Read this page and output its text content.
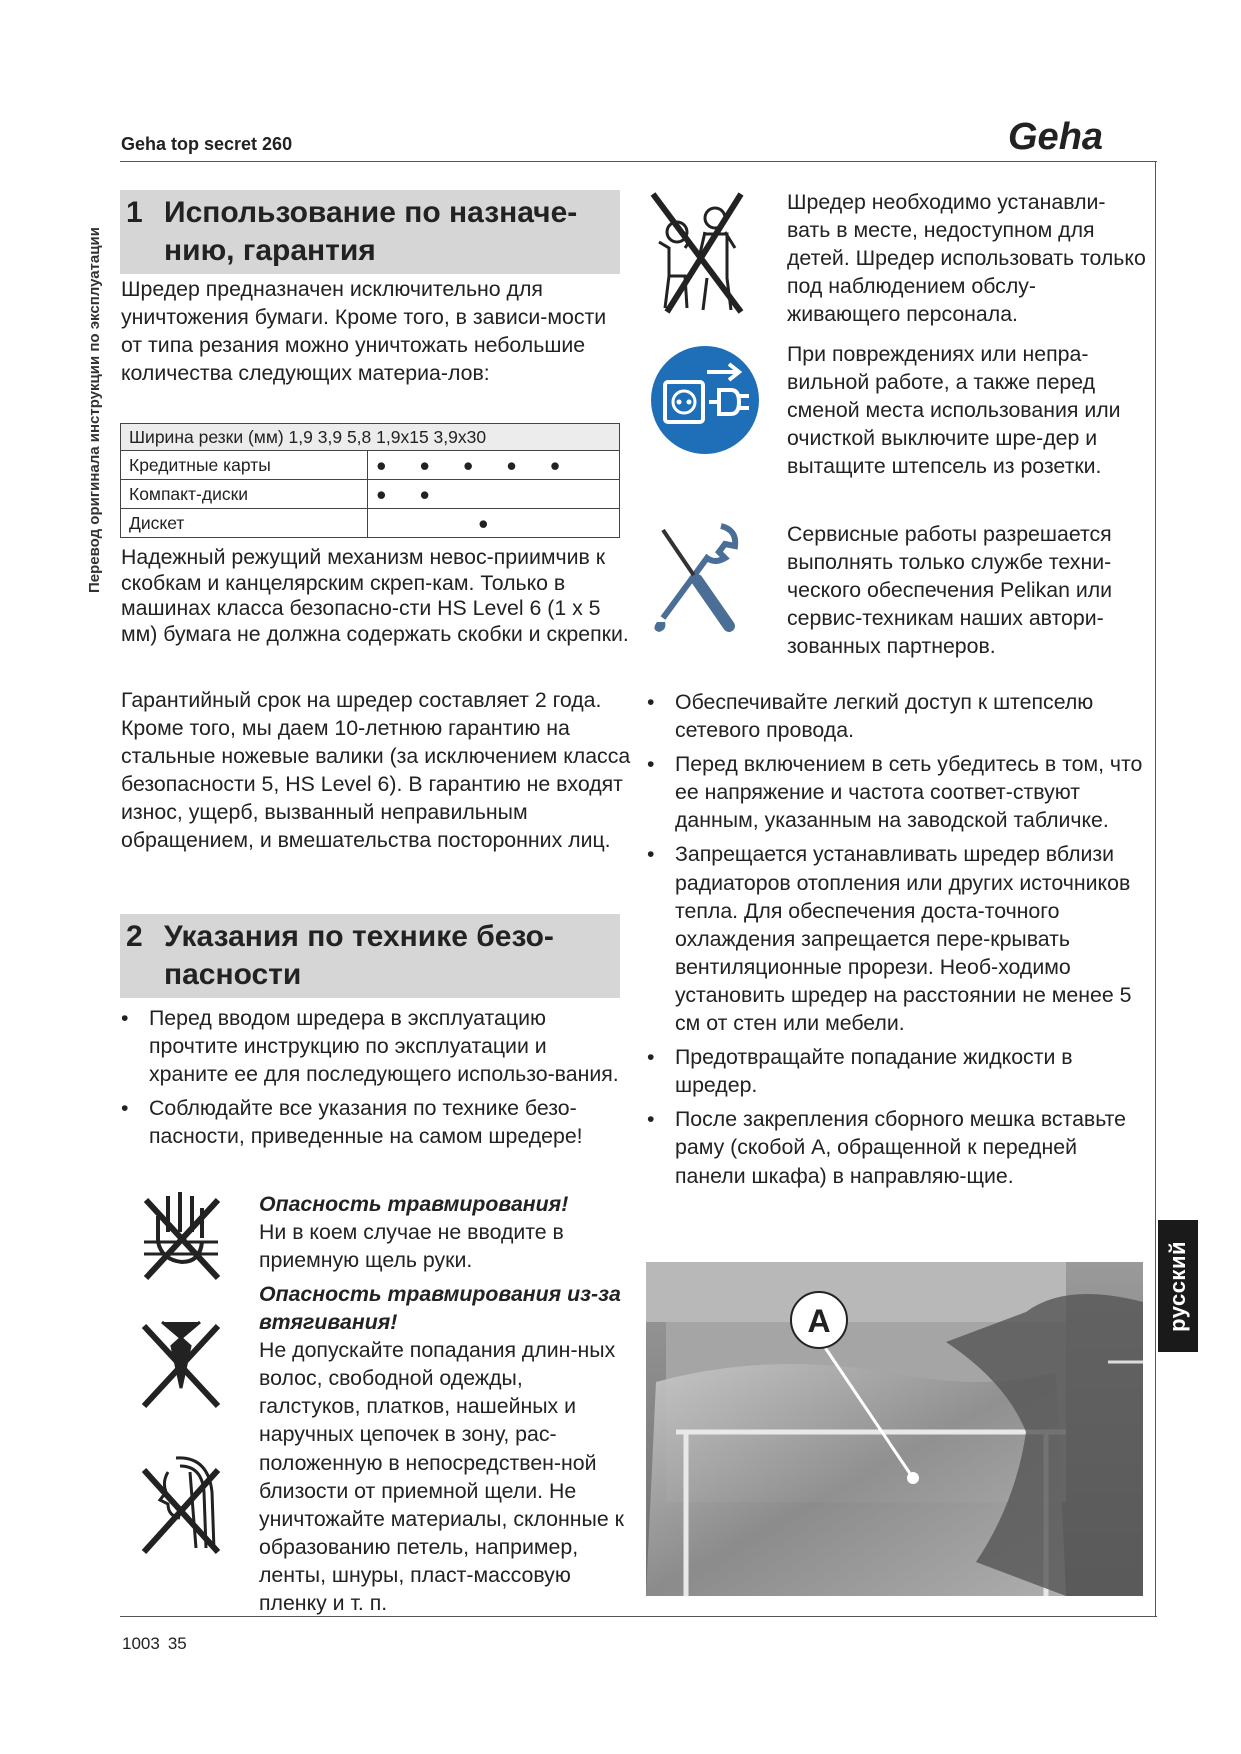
Geha top secret 260	Geha
Перевод оригинала инструкции по эксплуатации
русский
1003 35
1 Использование по назначе-
нию, гарантия

Шредер предназначен исключительно для уничтожения бумаги. Кроме того, в зависи-мости от типа резания можно уничтожать небольшие количества следующих материа-лов:

Ширина резки (мм) 1,9 3,9 5,8 1,9x15 3,9x30	
Кредитные карты	● ● ● ● ●
Компакт-диски	● ●
Дискет	●

Надежный режущий механизм невос-приимчив к скобкам и канцелярским скреп-кам. Только в машинах класса безопасно-сти HS Level 6 (1 x 5 мм) бумага не должна содержать скобки и скрепки.

Гарантийный срок на шредер составляет 2 года. Кроме того, мы даем 10-летнюю гарантию на стальные ножевые валики (за исключением класса безопасности 5, HS Level 6). В гарантию не входят износ, ущерб, вызванный неправильным обращением, и вмешательства посторонних лиц.

2 Указания по технике безо-
пасности
• Перед вводом шредера в эксплуатацию прочтите инструкцию по эксплуатации и храните ее для последующего использо-вания.
• Соблюдайте все указания по технике безо-пасности, приведенные на самом шредере!

Опасность травмирования!

Ни в коем случае не вводите в приемную щель руки.

Опасность травмирования из-за втягивания!

Не допускайте попадания длин-ных волос, свободной одежды, галстуков, платков, нашейных и наручных цепочек в зону, рас-положенную в непосредствен-ной близости от приемной щели. Не уничтожайте материалы, склонные к образованию петель, например, ленты, шнуры, пласт-массовую пленку и т. п.

Шредер необходимо устанавли-вать в месте, недоступном для детей. Шредер использовать только под наблюдением обслу-живающего персонала.

При повреждениях или непра-вильной работе, а также перед сменой места использования или очисткой выключите шре-дер и вытащите штепсель из розетки.

Сервисные работы разрешается выполнять только службе техни-ческого обеспечения Pelikan или сервис-техникам наших автори-зованных партнеров.

• Обеспечивайте легкий доступ к штепселю сетевого провода.
• Перед включением в сеть убедитесь в том, что ее напряжение и частота соответ-ствуют данным, указанным на заводской табличке.
• Запрещается устанавливать шредер вблизи радиаторов отопления или других источников тепла. Для обеспечения доста-точного охлаждения запрещается пере-крывать вентиляционные прорези. Необ-ходимо установить шредер на расстоянии не менее 5 см от стен или мебели.
• Предотвращайте попадание жидкости в шредер.
• После закрепления сборного мешка вставьте раму (скобой A, обращенной к передней панели шкафа) в направляю-щие.
A
